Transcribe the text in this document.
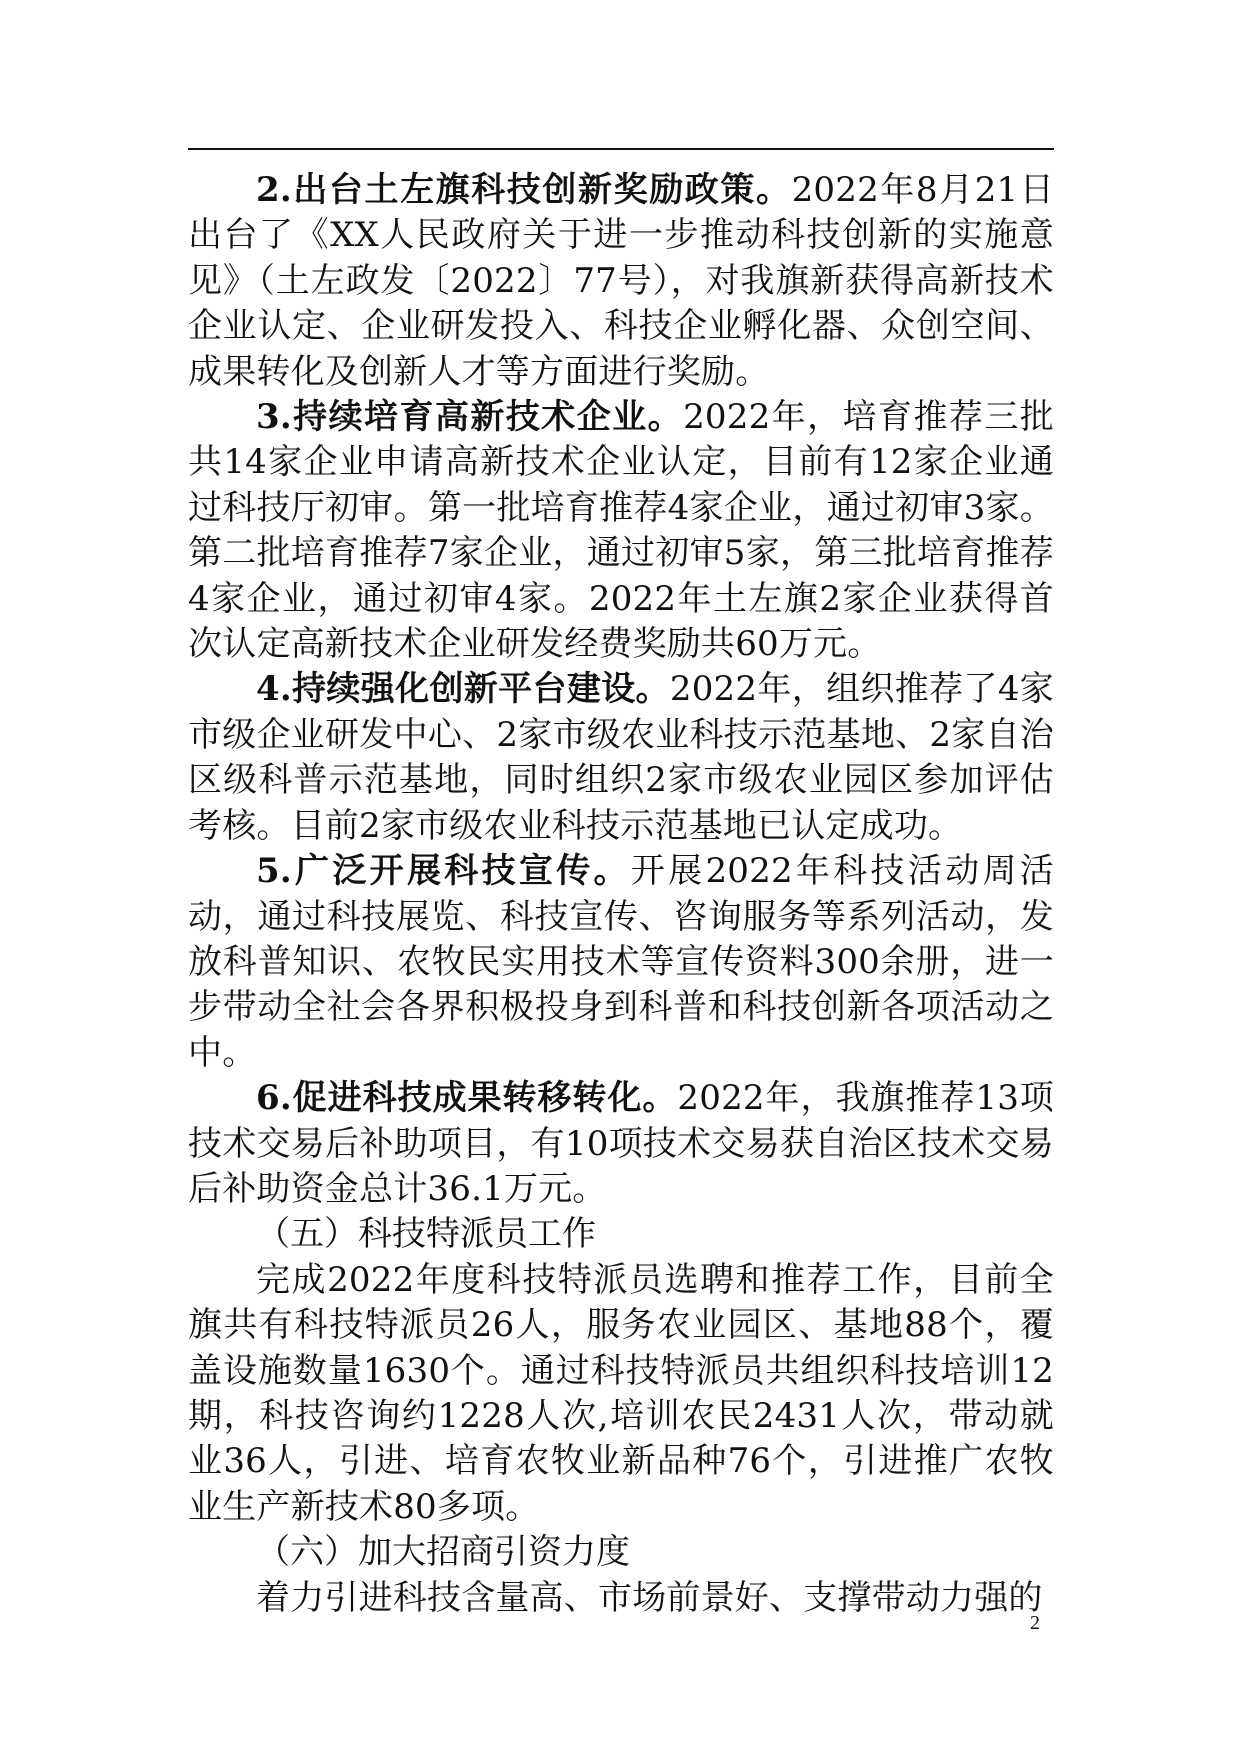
2.出台土左旗科技创新奖励政策。2022年8月21日出台了《XX人民政府关于进一步推动科技创新的实施意见》（土左政发〔2022〕77号），对我旗新获得高新技术企业认定、企业研发投入、科技企业孵化器、众创空间、成果转化及创新人才等方面进行奖励。

3.持续培育高新技术企业。2022年，培育推荐三批共14家企业申请高新技术企业认定，目前有12家企业通过科技厅初审。第一批培育推荐4家企业，通过初审3家。第二批培育推荐7家企业，通过初审5家，第三批培育推荐4家企业，通过初审4家。2022年土左旗2家企业获得首次认定高新技术企业研发经费奖励共60万元。

4.持续强化创新平台建设。2022年，组织推荐了4家市级企业研发中心、2家市级农业科技示范基地、2家自治区级科普示范基地，同时组织2家市级农业园区参加评估考核。目前2家市级农业科技示范基地已认定成功。

5.广泛开展科技宣传。开展2022年科技活动周活动，通过科技展览、科技宣传、咨询服务等系列活动，发放科普知识、农牧民实用技术等宣传资料300余册，进一步带动全社会各界积极投身到科普和科技创新各项活动之中。

6.促进科技成果转移转化。2022年，我旗推荐13项技术交易后补助项目，有10项技术交易获自治区技术交易后补助资金总计36.1万元。

（五）科技特派员工作

完成2022年度科技特派员选聘和推荐工作，目前全旗共有科技特派员26人，服务农业园区、基地88个，覆盖设施数量1630个。通过科技特派员共组织科技培训12期，科技咨询约1228人次,培训农民2431人次，带动就业36人，引进、培育农牧业新品种76个，引进推广农牧业生产新技术80多项。

（六）加大招商引资力度

着力引进科技含量高、市场前景好、支撑带动力强的

2
